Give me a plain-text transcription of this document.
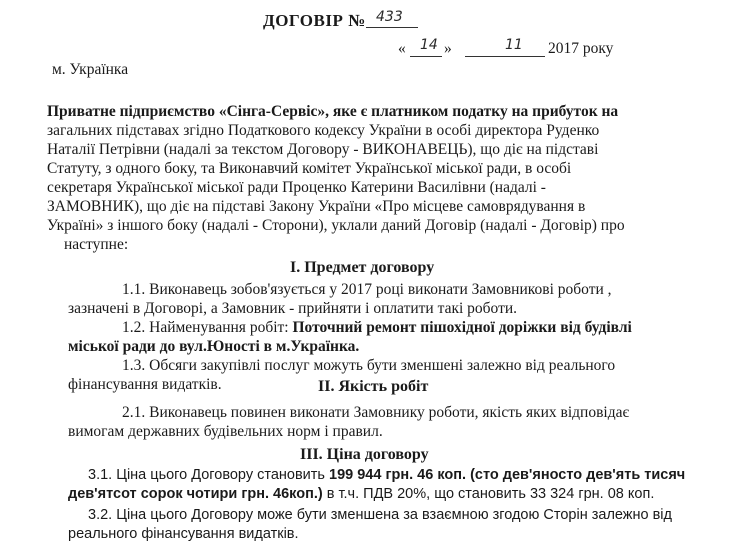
ДОГОВІР № 433
« 14 »	11 2017 року
м. Українка
Приватне підприємство «Сінга-Сервіс», яке є платником податку на прибуток на
загальних підставах згідно Податкового кодексу України в особі директора Руденко
Наталії Петрівни (надалі за текстом Договору - ВИКОНАВЕЦЬ), що діє на підставі
Статуту, з одного боку, та Виконавчий комітет Української міської ради, в особі
секретаря Української міської ради Проценко Катерини Василівни (надалі -
ЗАМОВНИК), що діє на підставі Закону України «Про місцеве самоврядування в
Україні» з іншого боку (надалі - Сторони), уклали даний Договір (надалі - Договір) про
наступне:
I. Предмет договору
1.1. Виконавець зобов'язується у 2017 році виконати Замовникові роботи ,
зазначені в Договорі, а Замовник - прийняти і оплатити такі роботи.
1.2. Найменування робіт: Поточний ремонт пішохідної доріжки від будівлі
міської ради до вул.Юності в м.Українка.
1.3. Обсяги закупівлі послуг можуть бути зменшені залежно від реального
фінансування видатків.	II. Якість робіт
2.1. Виконавець повинен виконати Замовнику роботи, якість яких відповідає
вимогам державних будівельних норм і правил.
III. Ціна договору
3.1. Ціна цього Договору становить 199 944 грн. 46 коп. (сто дев'яносто дев'ять тисяч
дев'ятсот сорок чотири грн. 46коп.) в т.ч. ПДВ 20%, що становить 33 324 грн. 08 коп.
3.2. Ціна цього Договору може бути зменшена за взаємною згодою Сторін залежно від
реального фінансування видатків.
